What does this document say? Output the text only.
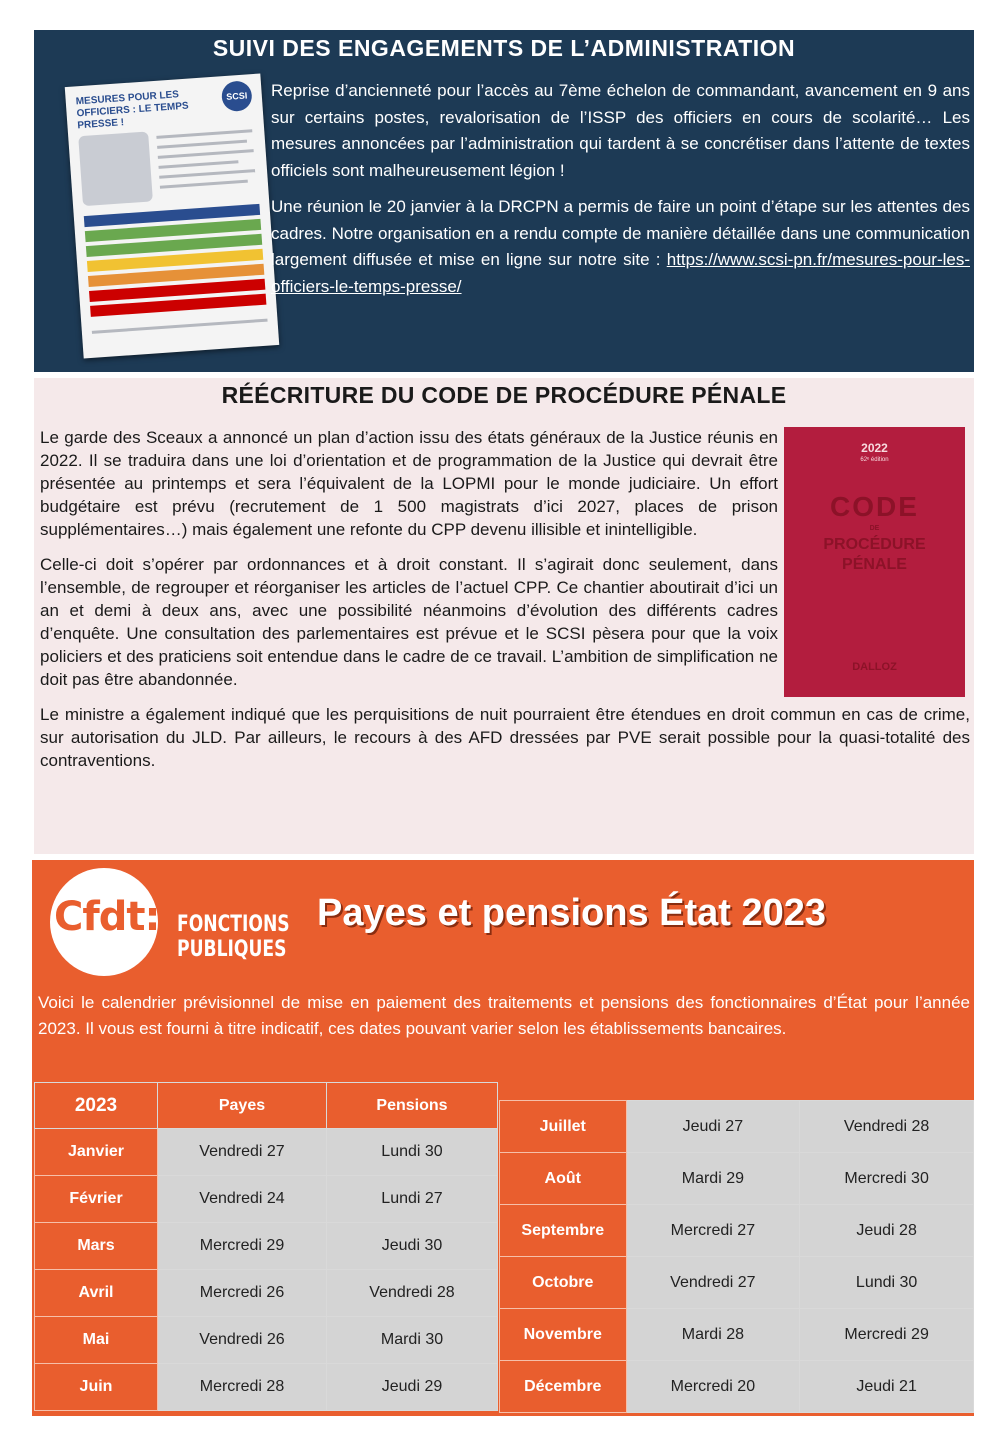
SUIVI DES ENGAGEMENTS DE L’ADMINISTRATION
MESURES POUR LES OFFICIERS : LE TEMPS PRESSE !
SCSI	Reprise d’ancienneté pour l’accès au 7ème échelon de commandant, avancement en 9 ans sur certains postes, revalorisation de l’ISSP des officiers en cours de scolarité… Les mesures annoncées par l’administration qui tardent à se concrétiser dans l’attente de textes officiels sont malheureusement légion !

Une réunion le 20 janvier à la DRCPN a permis de faire un point d’étape sur les attentes des cadres. Notre organisation en a rendu compte de manière détaillée dans une communication largement diffusée et mise en ligne sur notre site : https://www.scsi-pn.fr/mesures-pour-les-officiers-le-temps-presse/

RÉÉCRITURE DU CODE DE PROCÉDURE PÉNALE
2022
62ᵉ édition
CODE
DE
PROCÉDURE
PÉNALE
DALLOZ

Le garde des Sceaux a annoncé un plan d’action issu des états généraux de la Justice réunis en 2022. Il se traduira dans une loi d’orientation et de programmation de la Justice qui devrait être présentée au printemps et sera l’équivalent de la LOPMI pour le monde judiciaire. Un effort budgétaire est prévu (recrutement de 1 500 magistrats d’ici 2027, places de prison supplémentaires…) mais également une refonte du CPP devenu illisible et inintelligible.

Celle-ci doit s’opérer par ordonnances et à droit constant. Il s’agirait donc seulement, dans l’ensemble, de regrouper et réorganiser les articles de l’actuel CPP. Ce chantier aboutirait d’ici un an et demi à deux ans, avec une possibilité néanmoins d’évolution des différents cadres d’enquête. Une consultation des parlementaires est prévue et le SCSI pèsera pour que la voix policiers et des praticiens soit entendue dans le cadre de ce travail. L’ambition de simplification ne doit pas être abandonnée.

Le ministre a également indiqué que les perquisitions de nuit pourraient être étendues en droit commun en cas de crime, sur autorisation du JLD. Par ailleurs, le recours à des AFD dressées par PVE serait possible pour la quasi-totalité des contraventions.

Cfdt: FONCTIONS
PUBLIQUES
Payes et pensions État 2023

Voici le calendrier prévisionnel de mise en paiement des traitements et pensions des fonctionnaires d’État pour l’année 2023. Il vous est fourni à titre indicatif, ces dates pouvant varier selon les établissements bancaires.

2023	Payes	Pensions
Janvier	Vendredi 27	Lundi 30
Février	Vendredi 24	Lundi 27
Mars	Mercredi 29	Jeudi 30
Avril	Mercredi 26	Vendredi 28
Mai	Vendredi 26	Mardi 30
Juin	Mercredi 28	Jeudi 29
Juillet	Jeudi 27	Vendredi 28
Août	Mardi 29	Mercredi 30
Septembre	Mercredi 27	Jeudi 28
Octobre	Vendredi 27	Lundi 30
Novembre	Mardi 28	Mercredi 29
Décembre	Mercredi 20	Jeudi 21
